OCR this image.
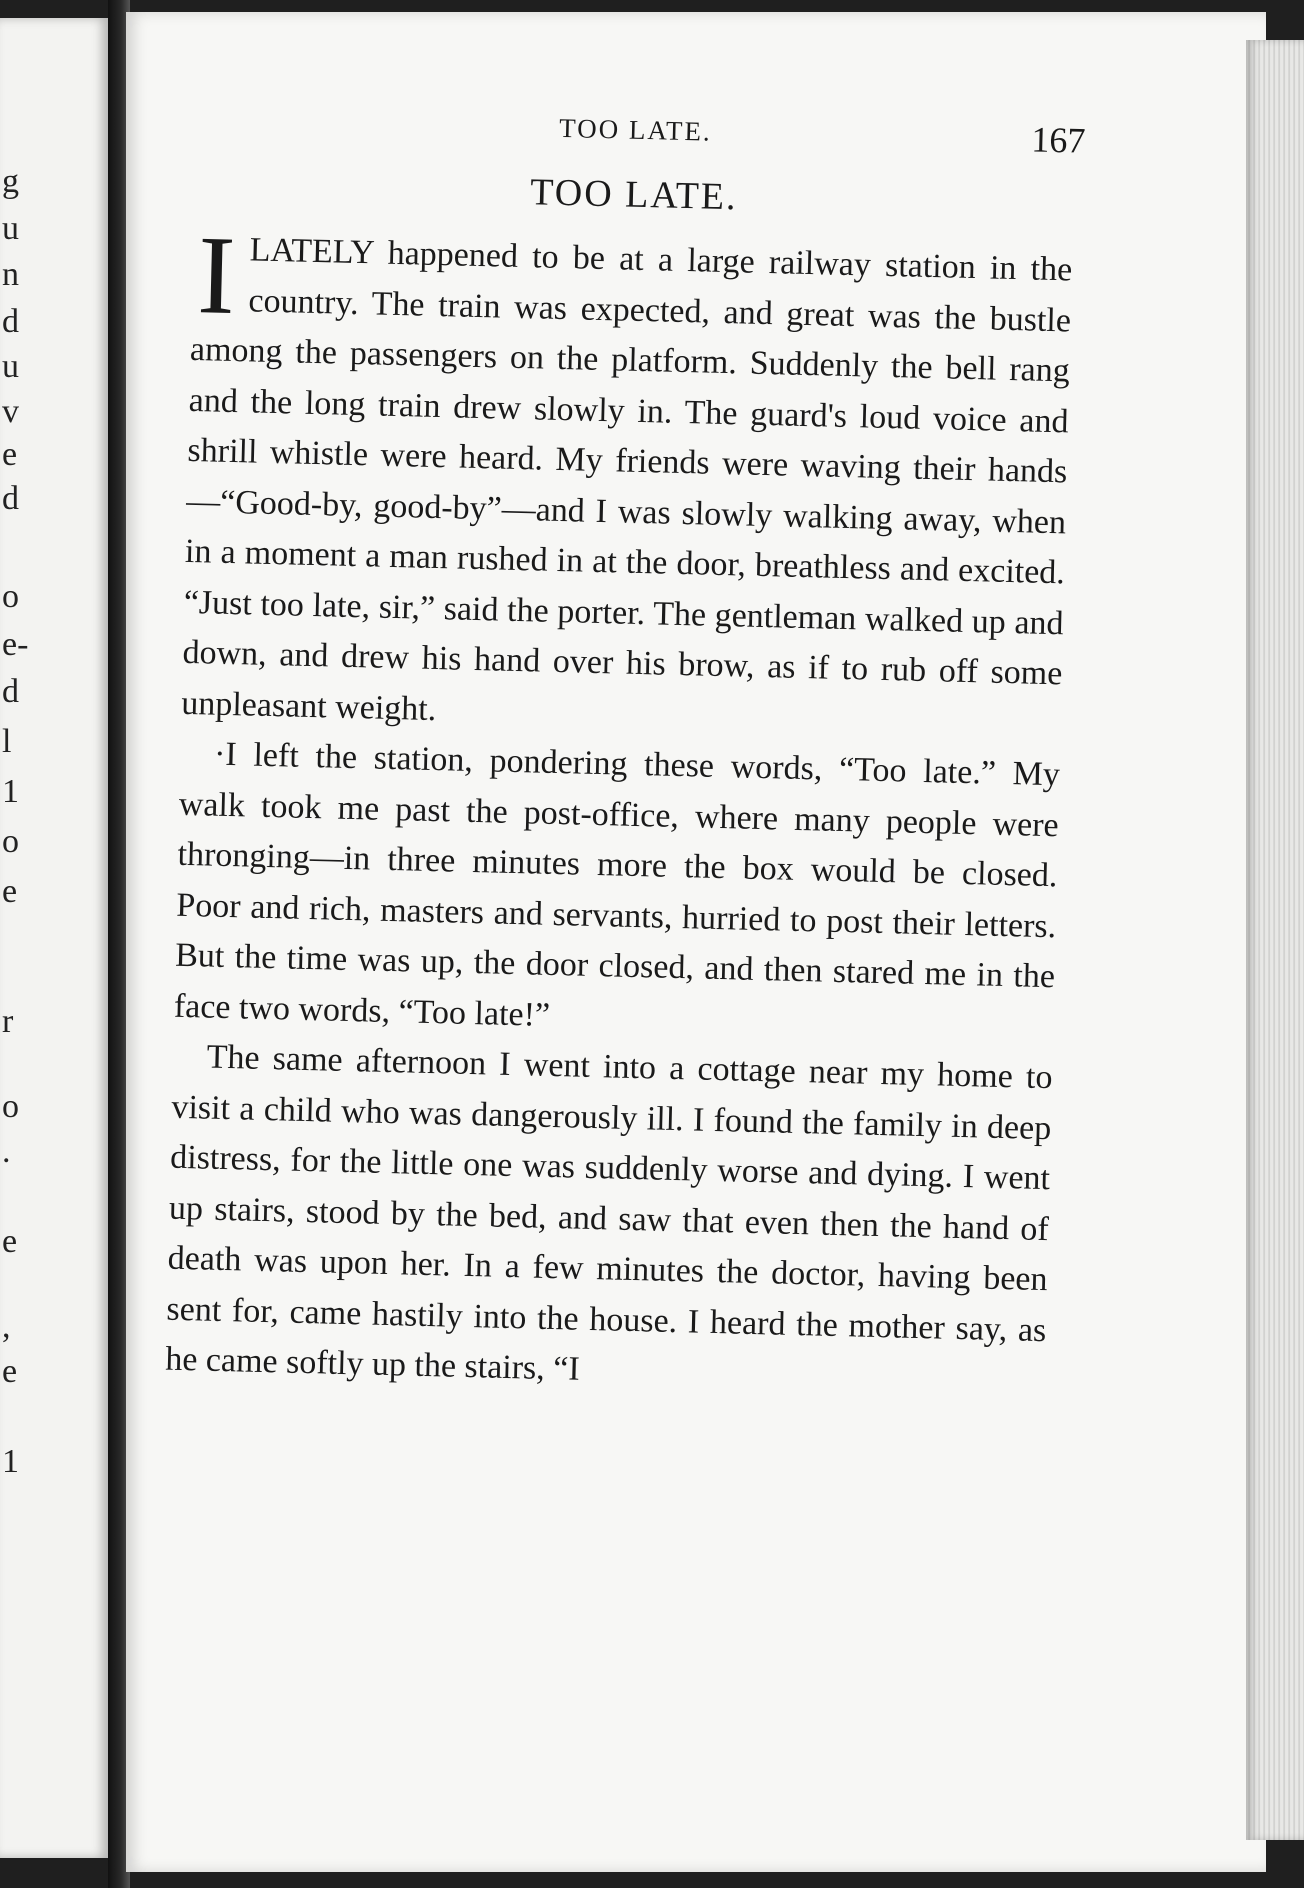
g
u
n
d
u
v
e
d
o
e-
d
l
1
o
e
r
o
.
e
,
e
1
TOO LATE.	167
TOO LATE.

ILATELY happened to be at a large railway station in the country. The train was expected, and great was the bustle among the passengers on the platform. Suddenly the bell rang and the long train drew slowly in. The guard's loud voice and shrill whistle were heard. My friends were waving their hands—“Good-by, good-by”—and I was slowly walking away, when in a moment a man rushed in at the door, breathless and excited. “Just too late, sir,” said the porter. The gentleman walked up and down, and drew his hand over his brow, as if to rub off some unpleasant weight.

·I left the station, pondering these words, “Too late.” My walk took me past the post-office, where many people were thronging—in three minutes more the box would be closed. Poor and rich, masters and servants, hurried to post their letters. But the time was up, the door closed, and then stared me in the face two words, “Too late!”

The same afternoon I went into a cottage near my home to visit a child who was dangerously ill. I found the family in deep distress, for the little one was suddenly worse and dying. I went up stairs, stood by the bed, and saw that even then the hand of death was upon her. In a few minutes the doctor, having been sent for, came hastily into the house. I heard the mother say, as he came softly up the stairs, “I
